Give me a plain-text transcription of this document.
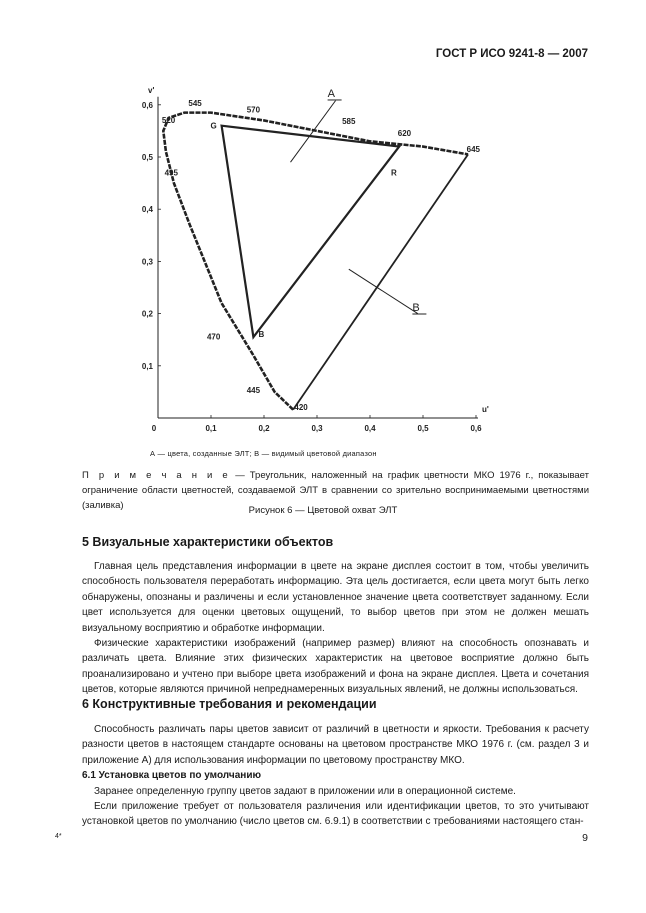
ГОСТ Р ИСО 9241-8 — 2007
0	0,1	0,2	0,3	0,4	0,5	0,6
0,1
0,2
0,3
0,4
0,5
0,6
u'
v'
545
570
520	585
620
645
495
470
445
420
G
R
B
A
B
А — цвета, созданные ЭЛТ; В — видимый цветовой диапазон
П р и м е ч а н и е — Треугольник, наложенный на график цветности МКО 1976 г., показывает ограничение области цветностей, создаваемой ЭЛТ в сравнении со зрительно воспринимаемыми цветностями (заливка)	Рисунок 6 — Цветовой охват ЭЛТ
5 Визуальные характеристики объектов

Главная цель представления информации в цвете на экране дисплея состоит в том, чтобы увеличить способность пользователя переработать информацию. Эта цель достигается, если цвета могут быть легко обнаружены, опознаны и различены и если установленное значение цвета соответствует заданному. Если цвет используется для оценки цветовых ощущений, то выбор цветов при этом не должен мешать визуальному восприятию и обработке информации.

Физические характеристики изображений (например размер) влияют на способность опознавать и различать цвета. Влияние этих физических характеристик на цветовое восприятие должно быть проанализировано и учтено при выборе цвета изображений и фона на экране дисплея. Цвета и сочетания цветов, которые являются причиной непреднамеренных визуальных явлений, не должны использоваться.

6 Конструктивные требования и рекомендации

Способность различать пары цветов зависит от различий в цветности и яркости. Требования к расчету разности цветов в настоящем стандарте основаны на цветовом пространстве МКО 1976 г. (см. раздел 3 и приложение А) для использования информации по цветовому пространству МКО.

6.1 Установка цветов по умолчанию

Заранее определенную группу цветов задают в приложении или в операционной системе.

Если приложение требует от пользователя различения или идентификации цветов, то это учитывают установкой цветов по умолчанию (число цветов см. 6.9.1) в соответствии с требованиями настоящего стан-

4*	9
